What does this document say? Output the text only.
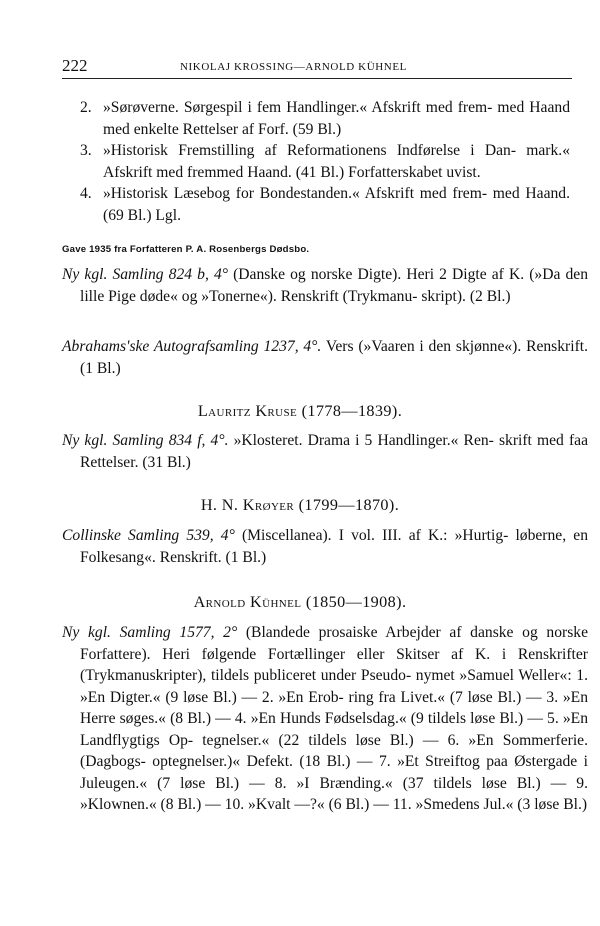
222	NIKOLAJ KROSSING—ARNOLD KÜHNEL

2. »Sørøverne. Sørgespil i fem Handlinger.« Afskrift med frem- med Haand med enkelte Rettelser af Forf. (59 Bl.)

3. »Historisk Fremstilling af Reformationens Indførelse i Dan- mark.« Afskrift med fremmed Haand. (41 Bl.) Forfatterskabet uvist.

4. »Historisk Læsebog for Bondestanden.« Afskrift med frem- med Haand. (69 Bl.) Lgl.

Gave 1935 fra Forfatteren P. A. Rosenbergs Dødsbo.

Ny kgl. Samling 824 b, 4° (Danske og norske Digte). Heri 2 Digte af K. (»Da den lille Pige døde« og »Tonerne«). Renskrift (Trykmanu- skript). (2 Bl.)

Abrahams'ske Autografsamling 1237, 4°. Vers (»Vaaren i den skjønne«). Renskrift. (1 Bl.)

Lauritz Kruse (1778—1839).

Ny kgl. Samling 834 f, 4°. »Klosteret. Drama i 5 Handlinger.« Ren- skrift med faa Rettelser. (31 Bl.)

H. N. Krøyer (1799—1870).

Collinske Samling 539, 4° (Miscellanea). I vol. III. af K.: »Hurtig- løberne, en Folkesang«. Renskrift. (1 Bl.)

Arnold Kühnel (1850—1908).

Ny kgl. Samling 1577, 2° (Blandede prosaiske Arbejder af danske og norske Forfattere). Heri følgende Fortællinger eller Skitser af K. i Renskrifter (Trykmanuskripter), tildels publiceret under Pseudo- nymet »Samuel Weller«: 1. »En Digter.« (9 løse Bl.) — 2. »En Erob- ring fra Livet.« (7 løse Bl.) — 3. »En Herre søges.« (8 Bl.) — 4. »En Hunds Fødselsdag.« (9 tildels løse Bl.) — 5. »En Landflygtigs Op- tegnelser.« (22 tildels løse Bl.) — 6. »En Sommerferie. (Dagbogs- optegnelser.)« Defekt. (18 Bl.) — 7. »Et Streiftog paa Østergade i Juleugen.« (7 løse Bl.) — 8. »I Brænding.« (37 tildels løse Bl.) — 9. »Klownen.« (8 Bl.) — 10. »Kvalt —?« (6 Bl.) — 11. »Smedens Jul.« (3 løse Bl.)
